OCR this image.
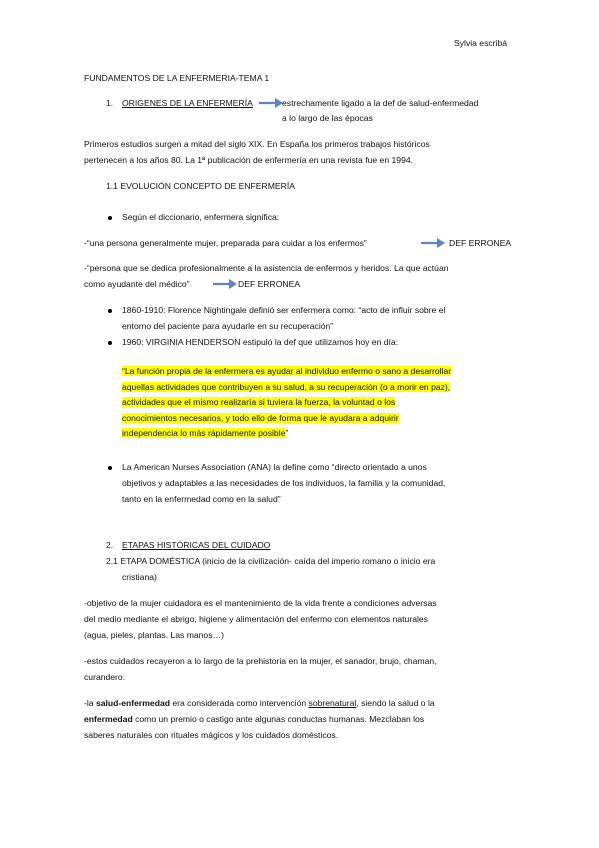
Sylvia escribá
FUNDAMENTOS DE LA ENFERMERIA-TEMA 1
1. ORIGENES DE LA ENFERMERÍA	estrechamente ligado a la def de salud-enfermedad
a lo largo de las épocas
Primeros estudios surgen a mitad del siglo XIX. En España los primeros trabajos históricos
pertenecen a los años 80. La 1ª publicación de enfermería en una revista fue en 1994.
1.1 EVOLUCIÓN CONCEPTO DE ENFERMERÍA
Según el diccionario, enfermera significa:
-“una persona generalmente mujer, preparada para cuidar a los enfermos”	DEF ERRONEA
-“persona que se dedica profesionalmente a la asistencia de enfermos y heridos. La que actúan
como ayudante del médico”	DEF ERRONEA
1860-1910: Florence Nightingale definió ser enfermera como: “acto de influir sobre el
entorno del paciente para ayudarle en su recuperación”
1960: VIRGINIA HENDERSON estipuló la def que utilizamos hoy en día:
“La función propia de la enfermera es ayudar al individuo enfermo o sano a desarrollar
aquellas actividades que contribuyen a su salud, a su recuperación (o a morir en paz),
actividades que el mismo realizaría si tuviera la fuerza, la voluntad o los
conocimientos necesarios, y todo ello de forma que le ayudara a adquirir
independencia lo más rápidamente posible”
La American Nurses Association (ANA) la define como “directo orientado a unos
objetivos y adaptables a las necesidades de los individuos, la familia y la comunidad,
tanto en la enfermedad como en la salud”
2. ETAPAS HISTÓRICAS DEL CUIDADO
2.1 ETAPA DOMÉSTICA (inicio de la civilización- caída del imperio romano o inicio era
cristiana)
-objetivo de la mujer cuidadora es el mantenimiento de la vida frente a condiciones adversas
del medio mediante el abrigo, higiene y alimentación del enfermo con elementos naturales
(agua, pieles, plantas. Las manos…)
-estos cuidados recayeron a lo largo de la prehistoria en la mujer, el sanador, brujo, chaman,
curandero.
-la salud-enfermedad era considerada como intervención sobrenatural, siendo la salud o la
enfermedad como un premio o castigo ante algunas conductas humanas. Mezclaban los
saberes naturales con rituales mágicos y los cuidados domésticos.
